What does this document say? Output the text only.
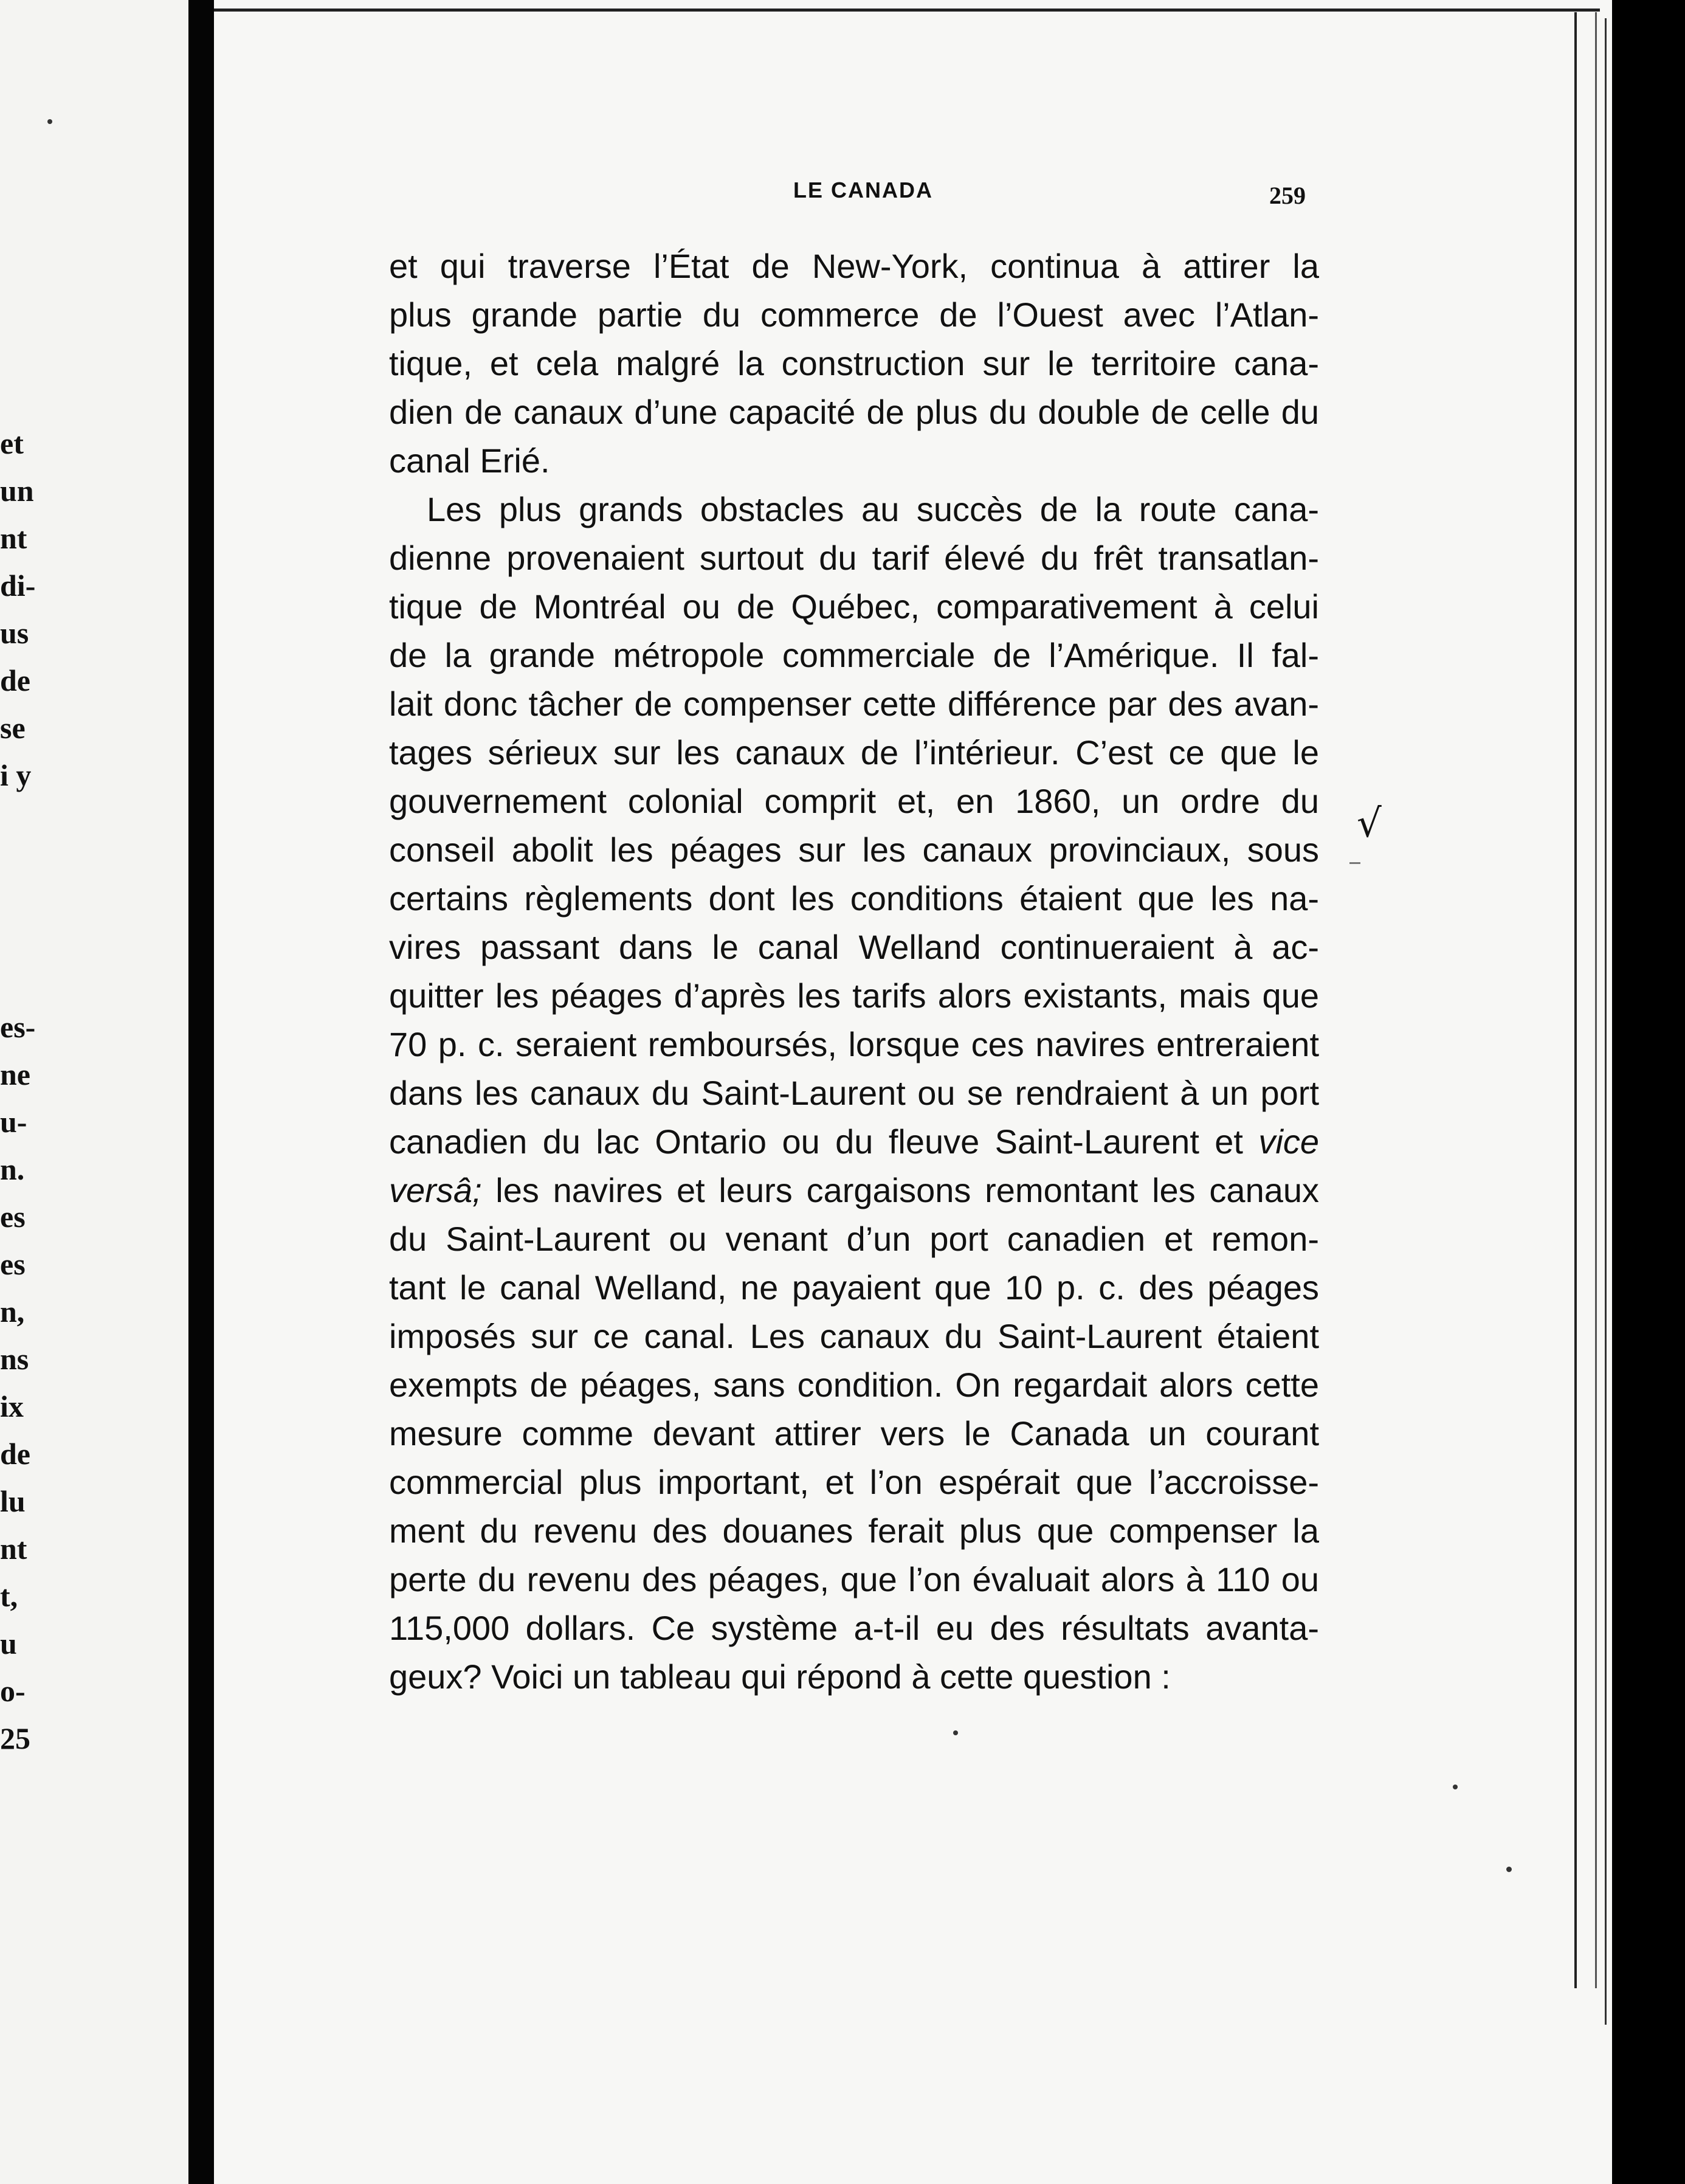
et
un
nt
di-
us
de
se
i y
es-
ne
u-
n.
es
es
n,
ns
ix
de
lu
nt
t,
u
o-
25
LE CANADA	259
et qui traverse l’État de New-York, continua à attirer la
plus grande partie du commerce de l’Ouest avec l’Atlan-
tique, et cela malgré la construction sur le territoire cana-
dien de canaux d’une capacité de plus du double de celle du
canal Erié.
Les plus grands obstacles au succès de la route cana-
dienne provenaient surtout du tarif élevé du frêt transatlan-
tique de Montréal ou de Québec, comparativement à celui
de la grande métropole commerciale de l’Amérique. Il fal-
lait donc tâcher de compenser cette différence par des avan-
tages sérieux sur les canaux de l’intérieur. C’est ce que le
gouvernement colonial comprit et, en 1860, un ordre du
conseil abolit les péages sur les canaux provinciaux, sous
certains règlements dont les conditions étaient que les na-
vires passant dans le canal Welland continueraient à ac-
quitter les péages d’après les tarifs alors existants, mais que
70 p. c. seraient remboursés, lorsque ces navires entreraient
dans les canaux du Saint-Laurent ou se rendraient à un port
canadien du lac Ontario ou du fleuve Saint-Laurent et vice
versâ; les navires et leurs cargaisons remontant les canaux
du Saint-Laurent ou venant d’un port canadien et remon-
tant le canal Welland, ne payaient que 10 p. c. des péages
imposés sur ce canal. Les canaux du Saint-Laurent étaient
exempts de péages, sans condition. On regardait alors cette
mesure comme devant attirer vers le Canada un courant
commercial plus important, et l’on espérait que l’accroisse-
ment du revenu des douanes ferait plus que compenser la
perte du revenu des péages, que l’on évaluait alors à 110 ou
115,000 dollars. Ce système a-t-il eu des résultats avanta-
geux? Voici un tableau qui répond à cette question :
√
